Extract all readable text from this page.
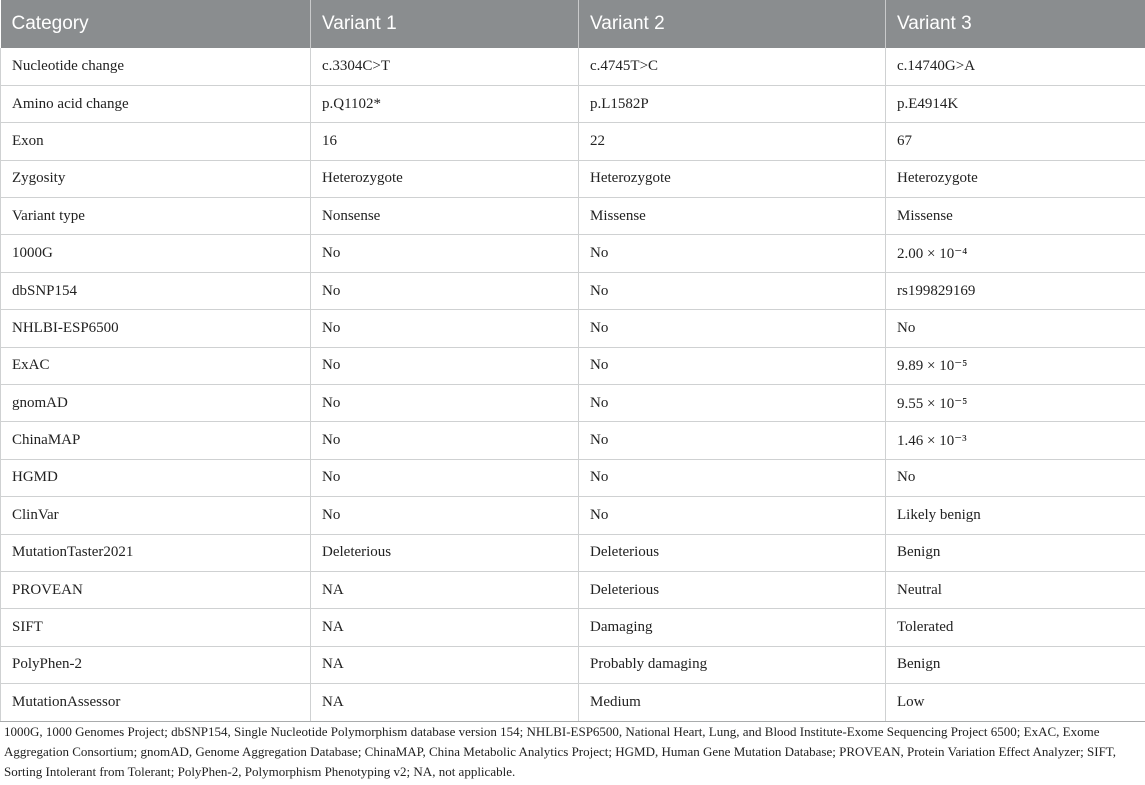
Category	Variant 1	Variant 2	Variant 3
Nucleotide change	c.3304C>T	c.4745T>C	c.14740G>A
Amino acid change	p.Q1102*	p.L1582P	p.E4914K
Exon	16	22	67
Zygosity	Heterozygote	Heterozygote	Heterozygote
Variant type	Nonsense	Missense	Missense
1000G	No	No	2.00 × 10⁻⁴
dbSNP154	No	No	rs199829169
NHLBI-ESP6500	No	No	No
ExAC	No	No	9.89 × 10⁻⁵
gnomAD	No	No	9.55 × 10⁻⁵
ChinaMAP	No	No	1.46 × 10⁻³
HGMD	No	No	No
ClinVar	No	No	Likely benign
MutationTaster2021	Deleterious	Deleterious	Benign
PROVEAN	NA	Deleterious	Neutral
SIFT	NA	Damaging	Tolerated
PolyPhen-2	NA	Probably damaging	Benign
MutationAssessor	NA	Medium	Low

1000G, 1000 Genomes Project; dbSNP154, Single Nucleotide Polymorphism database version 154; NHLBI-ESP6500, National Heart, Lung, and Blood Institute-Exome Sequencing Project 6500; ExAC, Exome Aggregation Consortium; gnomAD, Genome Aggregation Database; ChinaMAP, China Metabolic Analytics Project; HGMD, Human Gene Mutation Database; PROVEAN, Protein Variation Effect Analyzer; SIFT, Sorting Intolerant from Tolerant; PolyPhen-2, Polymorphism Phenotyping v2; NA, not applicable.
